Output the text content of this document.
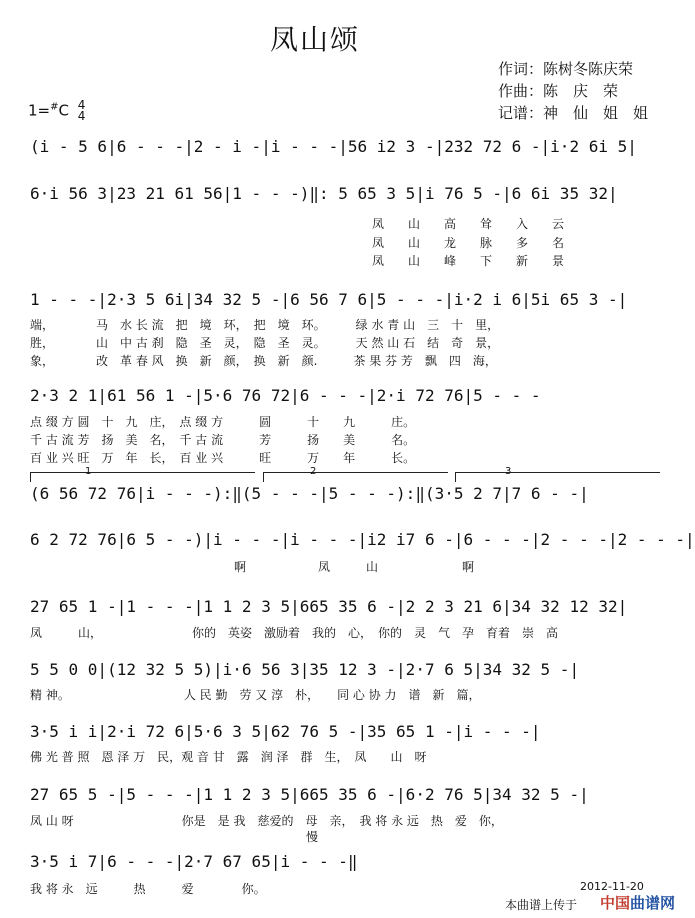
凤山颂
作词：陈树冬陈庆荣
作曲：陈　庆　荣
记谱：神　仙　姐　姐
1=#C 4
4
(i - 5 6|6 - - -|2 - i -|i - - -|56 i2 3 -|232 72 6 -|i·2 6i 5|
6·i 56 3|23 21 61 56|1 - - -)‖: 5 65 3 5|i 76 5 -|6 6i 35 32|
凤　　山　　高　　耸　　入　　云
凤　　山　　龙　　脉　　多　　名
凤　　山　　峰　　下　　新　　景
1 - - -|2·3 5 6i|34 32 5 -|6 56 7 6|5 - - -|i·2 i 6|5i 65 3 -|
端，　　　　马　水 长 流　把　境　环，　把　境　环。　　　绿 水 青 山　三　十　里，
胜，　　　　山　中 古 刹　隐　圣　灵，　隐　圣　灵。　　　天 然 山 石　结　奇　景，
象，　　　　改　革 春 风　换　新　颜，　换　新　颜.　　　茶 果 芬 芳　飘　四　海，
2·3 2 1|61 56 1 -|5·6 76 72|6 - - -|2·i 72 76|5 - - -
点 缀 方 圆　十　九　庄，　点 缀 方　　　圆　　　十　　九　　　庄。
千 古 流 芳　扬　美　名，　千 古 流　　　芳　　　扬　　美　　　名。
百 业 兴 旺　万　年　长，　百 业 兴　　　旺　　　万　　年　　　长。
1	2	3
(6 56 72 76|i - - -):‖(5 - - -|5 - - -):‖(3·5 2 7|7 6 - -|
6 2 72 76|6 5 - -)|i - - -|i - - -|i2 i7 6 -|6 - - -|2 - - -|2 - - -|
　　　　　　　　　　　　　　　　　啊　　　　　　凤　　　山　　　　　　　啊
27 65 1 -|1 - - -|1 1 2 3 5|665 35 6 -|2 2 3 21 6|34 32 12 32|
凤　　　山，　　　　　　　　你的　英姿　激励着　我的　心，　你的　灵　气　孕　育着　崇　高
5 5 0 0|(12 32 5 5)|i·6 56 3|35 12 3 -|2·7 6 5|34 32 5 -|
精 神。　　　　　　　　　　人 民 勤　劳 又 淳　朴，　　同 心 协 力　谱　新　篇，
3·5 i i|2·i 72 6|5·6 3 5|62 76 5 -|35 65 1 -|i - - -|
佛 光 普 照　恩 泽 万　民，观 音 甘　露　润 泽　群　生，　凤　　山　呀
27 65 5 -|5 - - -|1 1 2 3 5|665 35 6 -|6·2 76 5|34 32 5 -|
凤 山 呀　　　　　　　　　你是　是 我　慈爱的　母　亲，　我 将 永 远　热　爱　你，
　　　　　　　　　　　　　　　　　　　　　　　慢
3·5 i 7|6 - - -|2·7 67 65|i - - -‖
我 将 永　远　　　热　　　爱　　　　你。	2012-11-20
本曲谱上传于 中国曲谱网
